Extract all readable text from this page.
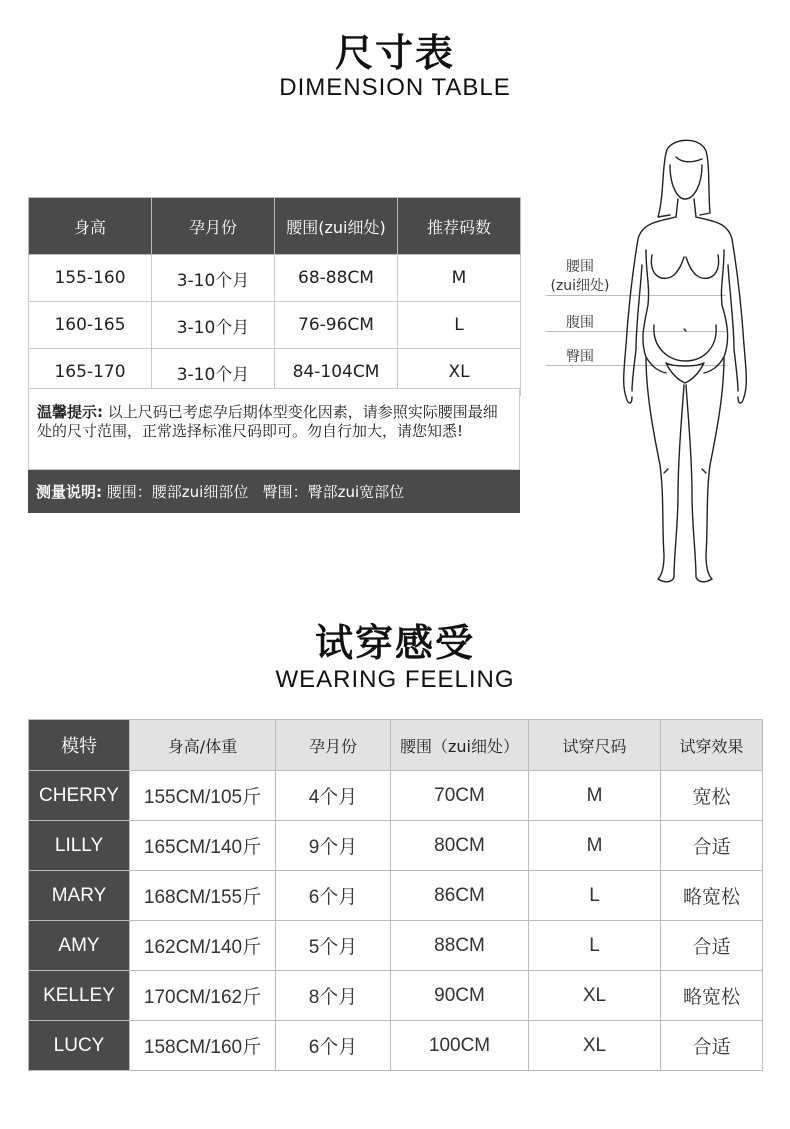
尺寸表
DIMENSION TABLE
身高	孕月份	腰围(zui细处)	推荐码数
155-160	3-10个月	68-88CM	M
160-165	3-10个月	76-96CM	L
165-170	3-10个月	84-104CM	XL
温馨提示: 以上尺码已考虑孕后期体型变化因素，请参照实际腰围最细处的尺寸范围，正常选择标准尺码即可。勿自行加大，请您知悉!
测量说明: 腰围：腰部zui细部位   臀围：臀部zui宽部位
腰围
(zui细处)
腹围
臀围
试穿感受
WEARING FEELING
模特	身高/体重	孕月份	腰围（zui细处）	试穿尺码	试穿效果
CHERRY	155CM/105斤	4个月	70CM	M	宽松
LILLY	165CM/140斤	9个月	80CM	M	合适
MARY	168CM/155斤	6个月	86CM	L	略宽松
AMY	162CM/140斤	5个月	88CM	L	合适
KELLEY	170CM/162斤	8个月	90CM	XL	略宽松
LUCY	158CM/160斤	6个月	100CM	XL	合适
